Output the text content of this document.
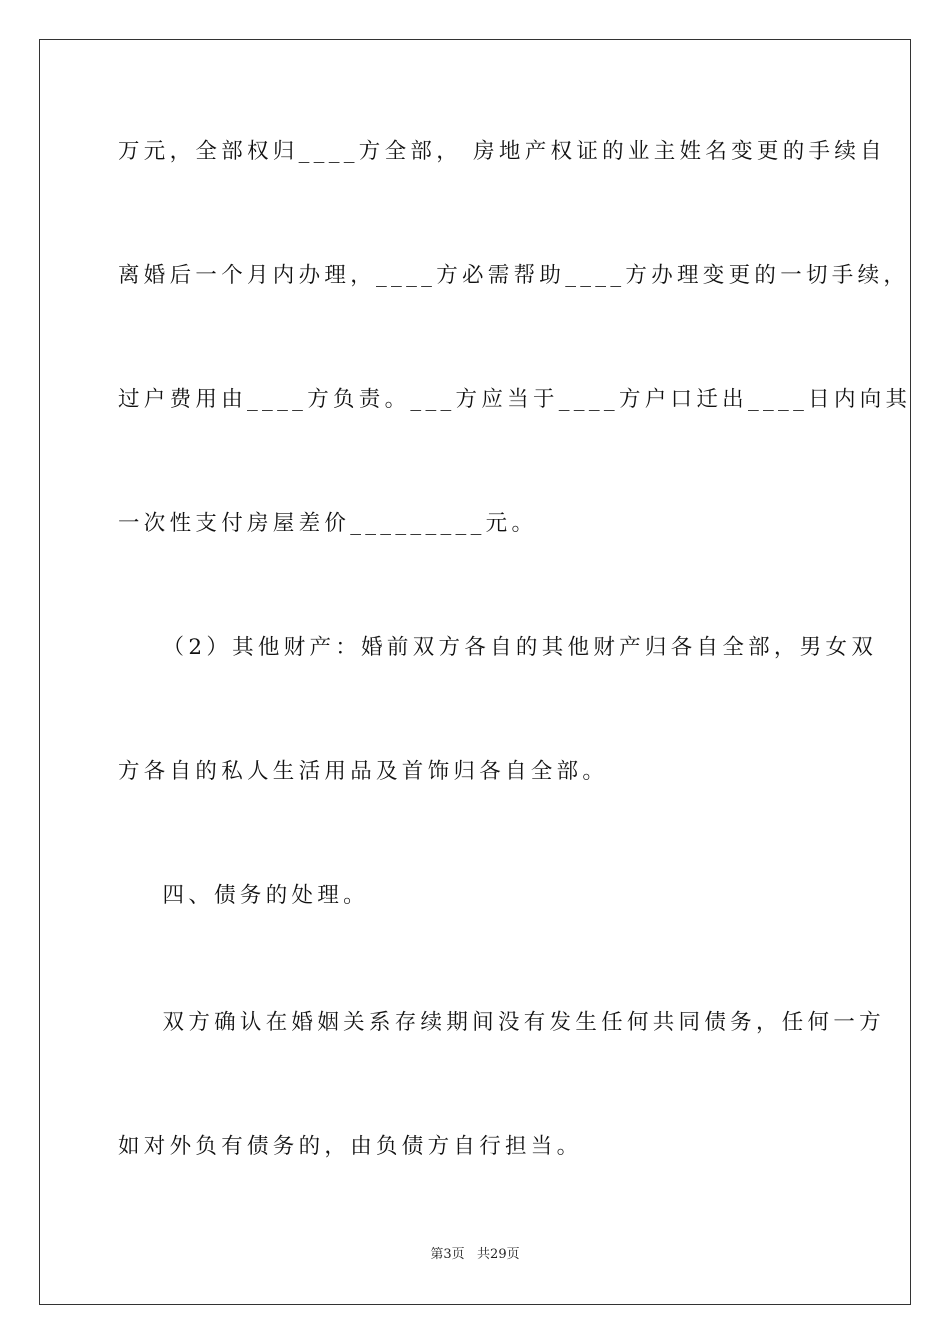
万元，全部权归____方全部， 房地产权证的业主姓名变更的手续自
离婚后一个月内办理，____方必需帮助____方办理变更的一切手续，
过户费用由____方负责。___方应当于____方户口迁出____日内向其
一次性支付房屋差价_________元。
（2）其他财产：婚前双方各自的其他财产归各自全部，男女双
方各自的私人生活用品及首饰归各自全部。
四、债务的处理。
双方确认在婚姻关系存续期间没有发生任何共同债务，任何一方
如对外负有债务的，由负债方自行担当。
第3页   共29页
